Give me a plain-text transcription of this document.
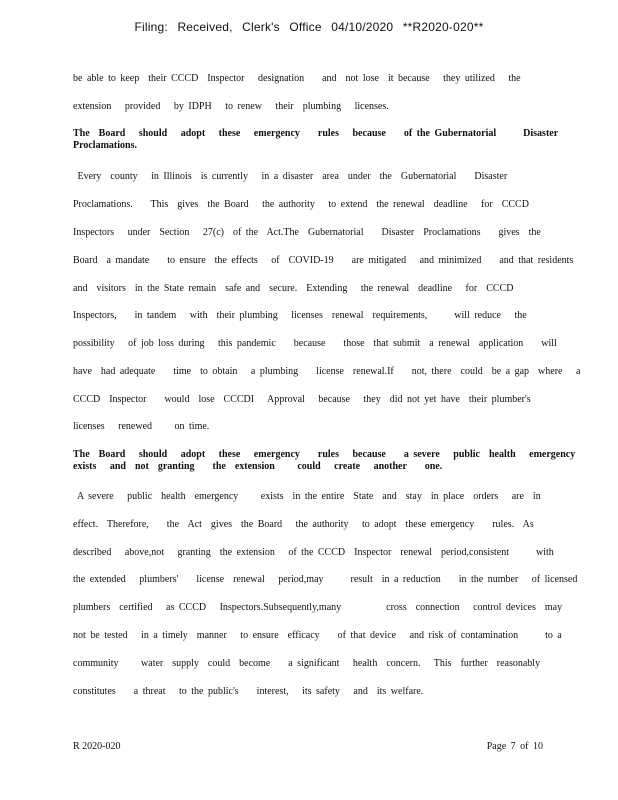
Filing: Received, Clerk's Office 04/10/2020 **R2020-020**
be able to keep  their CCCD  Inspector   designation    and  not lose  it because   they utilized   the
extension   provided   by IDPH   to renew   their  plumbing   licenses.
The  Board   should   adopt   these   emergency    rules   because    of the Gubernatorial      Disaster
Proclamations.
Every  county   in Illinois  is currently   in a disaster  area  under  the  Gubernatorial    Disaster
Proclamations.    This  gives  the Board   the authority   to extend  the renewal  deadline   for  CCCD
Inspectors   under  Section   27(c)  of the  Act.The  Gubernatorial    Disaster  Proclamations    gives  the
Board  a mandate    to ensure  the effects   of  COVID-19    are mitigated   and minimized    and that residents
and  visitors  in the State remain  safe and  secure.  Extending   the renewal  deadline   for  CCCD
Inspectors,    in tandem   with  their plumbing   licenses  renewal  requirements,      will reduce   the
possibility   of job loss during   this pandemic    because    those  that submit  a renewal  application    will
have  had adequate    time  to obtain   a plumbing    license  renewal.If    not, there  could  be a gap  where   a
CCCD  Inspector    would  lose  CCCDI   Approval   because   they  did not yet have  their plumber's
licenses   renewed     on time.
The  Board   should   adopt   these   emergency    rules   because    a severe   public  health   emergency
exists   and  not  granting    the  extension     could   create   another    one.
A severe   public  health  emergency     exists  in the entire  State  and  stay  in place  orders   are  in
effect.  Therefore,    the  Act  gives  the Board   the authority   to adopt  these emergency    rules.  As
described   above,not   granting  the extension   of the CCCD  Inspector  renewal  period,consistent      with
the extended   plumbers'    license  renewal   period,may      result  in a reduction    in the number   of licensed
plumbers  certified   as CCCD   Inspectors.Subsequently,many          cross  connection   control devices  may
not be tested   in a timely  manner   to ensure  efficacy    of that device   and risk of contamination      to a
community     water  supply  could  become    a significant   health  concern.   This  further  reasonably
constitutes    a threat   to the public's    interest,   its safety   and  its welfare.
R 2020-020	Page 7 of 10
